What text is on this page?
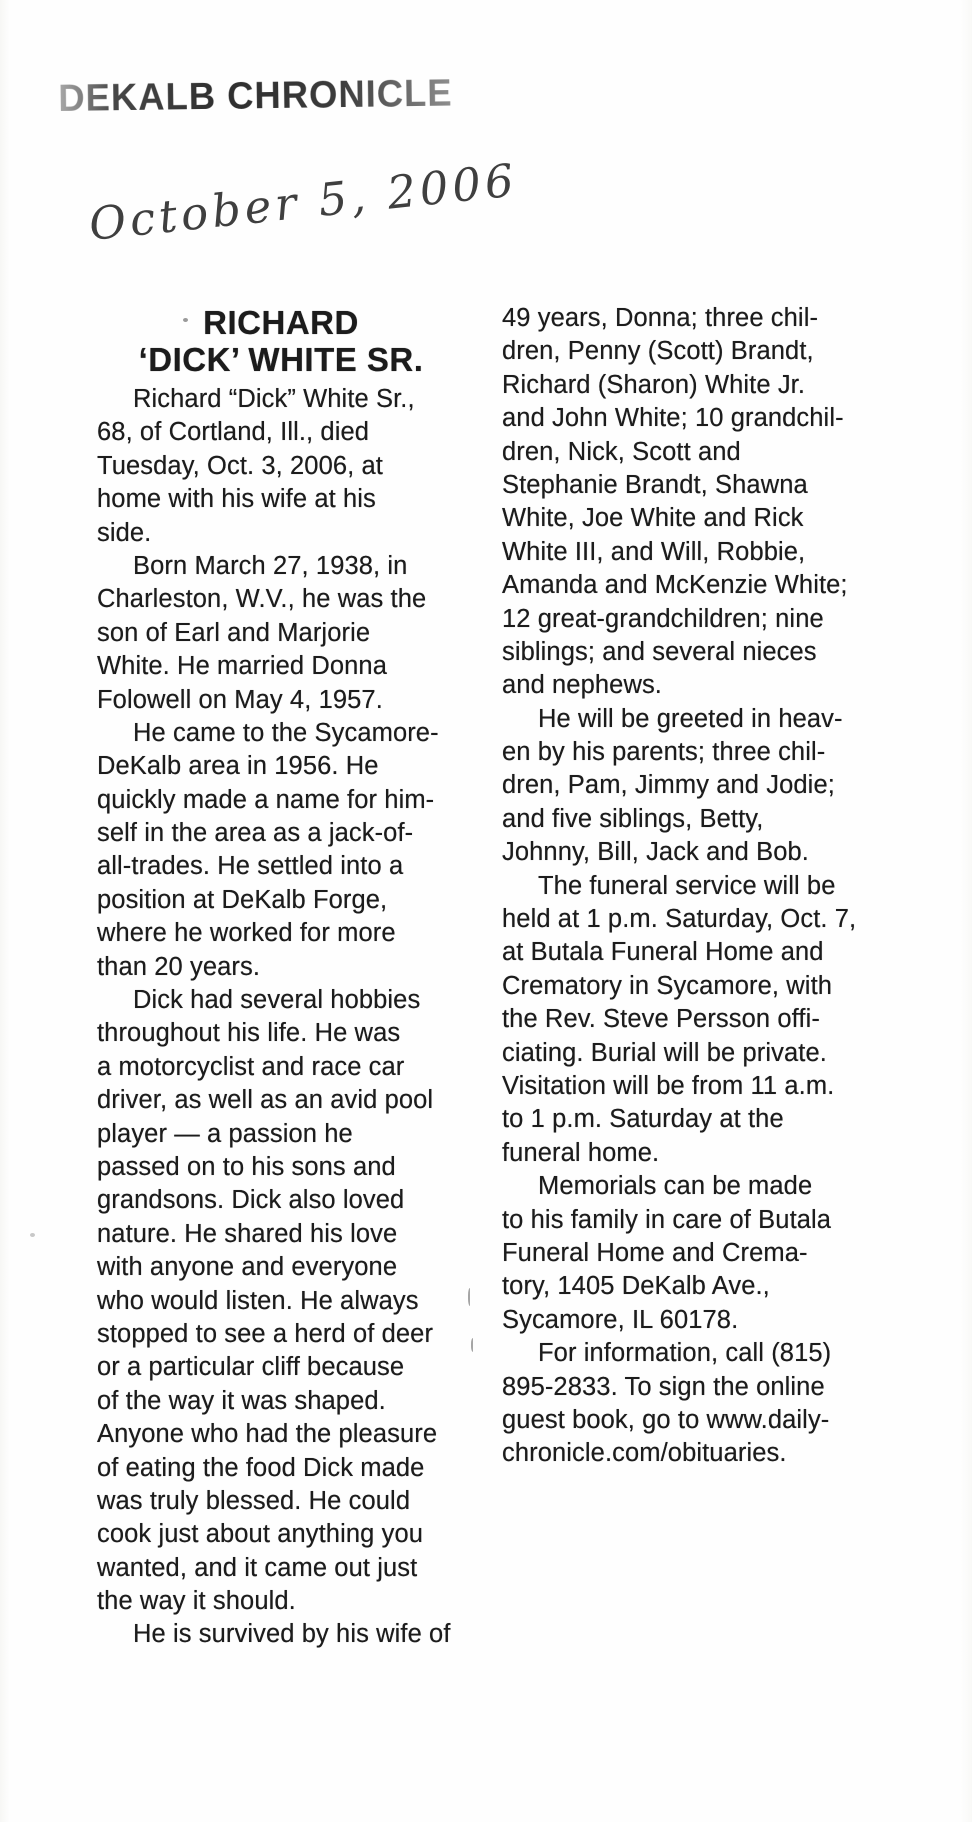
DEKALB CHRONICLE
October 5, 2006
RICHARD
‘DICK’ WHITE SR.
Richard “Dick” White Sr.,
68, of Cortland, Ill., died
Tuesday, Oct. 3, 2006, at
home with his wife at his
side.
Born March 27, 1938, in
Charleston, W.V., he was the
son of Earl and Marjorie
White. He married Donna
Folowell on May 4, 1957.
He came to the Sycamore-
DeKalb area in 1956. He
quickly made a name for him-
self in the area as a jack-of-
all-trades. He settled into a
position at DeKalb Forge,
where he worked for more
than 20 years.
Dick had several hobbies
throughout his life. He was
a motorcyclist and race car
driver, as well as an avid pool
player — a passion he
passed on to his sons and
grandsons. Dick also loved
nature. He shared his love
with anyone and everyone
who would listen. He always
stopped to see a herd of deer
or a particular cliff because
of the way it was shaped.
Anyone who had the pleasure
of eating the food Dick made
was truly blessed. He could
cook just about anything you
wanted, and it came out just
the way it should.
He is survived by his wife of
49 years, Donna; three chil-
dren, Penny (Scott) Brandt,
Richard (Sharon) White Jr.
and John White; 10 grandchil-
dren, Nick, Scott and
Stephanie Brandt, Shawna
White, Joe White and Rick
White III, and Will, Robbie,
Amanda and McKenzie White;
12 great-grandchildren; nine
siblings; and several nieces
and nephews.
He will be greeted in heav-
en by his parents; three chil-
dren, Pam, Jimmy and Jodie;
and five siblings, Betty,
Johnny, Bill, Jack and Bob.
The funeral service will be
held at 1 p.m. Saturday, Oct. 7,
at Butala Funeral Home and
Crematory in Sycamore, with
the Rev. Steve Persson offi-
ciating. Burial will be private.
Visitation will be from 11 a.m.
to 1 p.m. Saturday at the
funeral home.
Memorials can be made
to his family in care of Butala
Funeral Home and Crema-
tory, 1405 DeKalb Ave.,
Sycamore, IL 60178.
For information, call (815)
895-2833. To sign the online
guest book, go to www.daily-
chronicle.com/obituaries.
